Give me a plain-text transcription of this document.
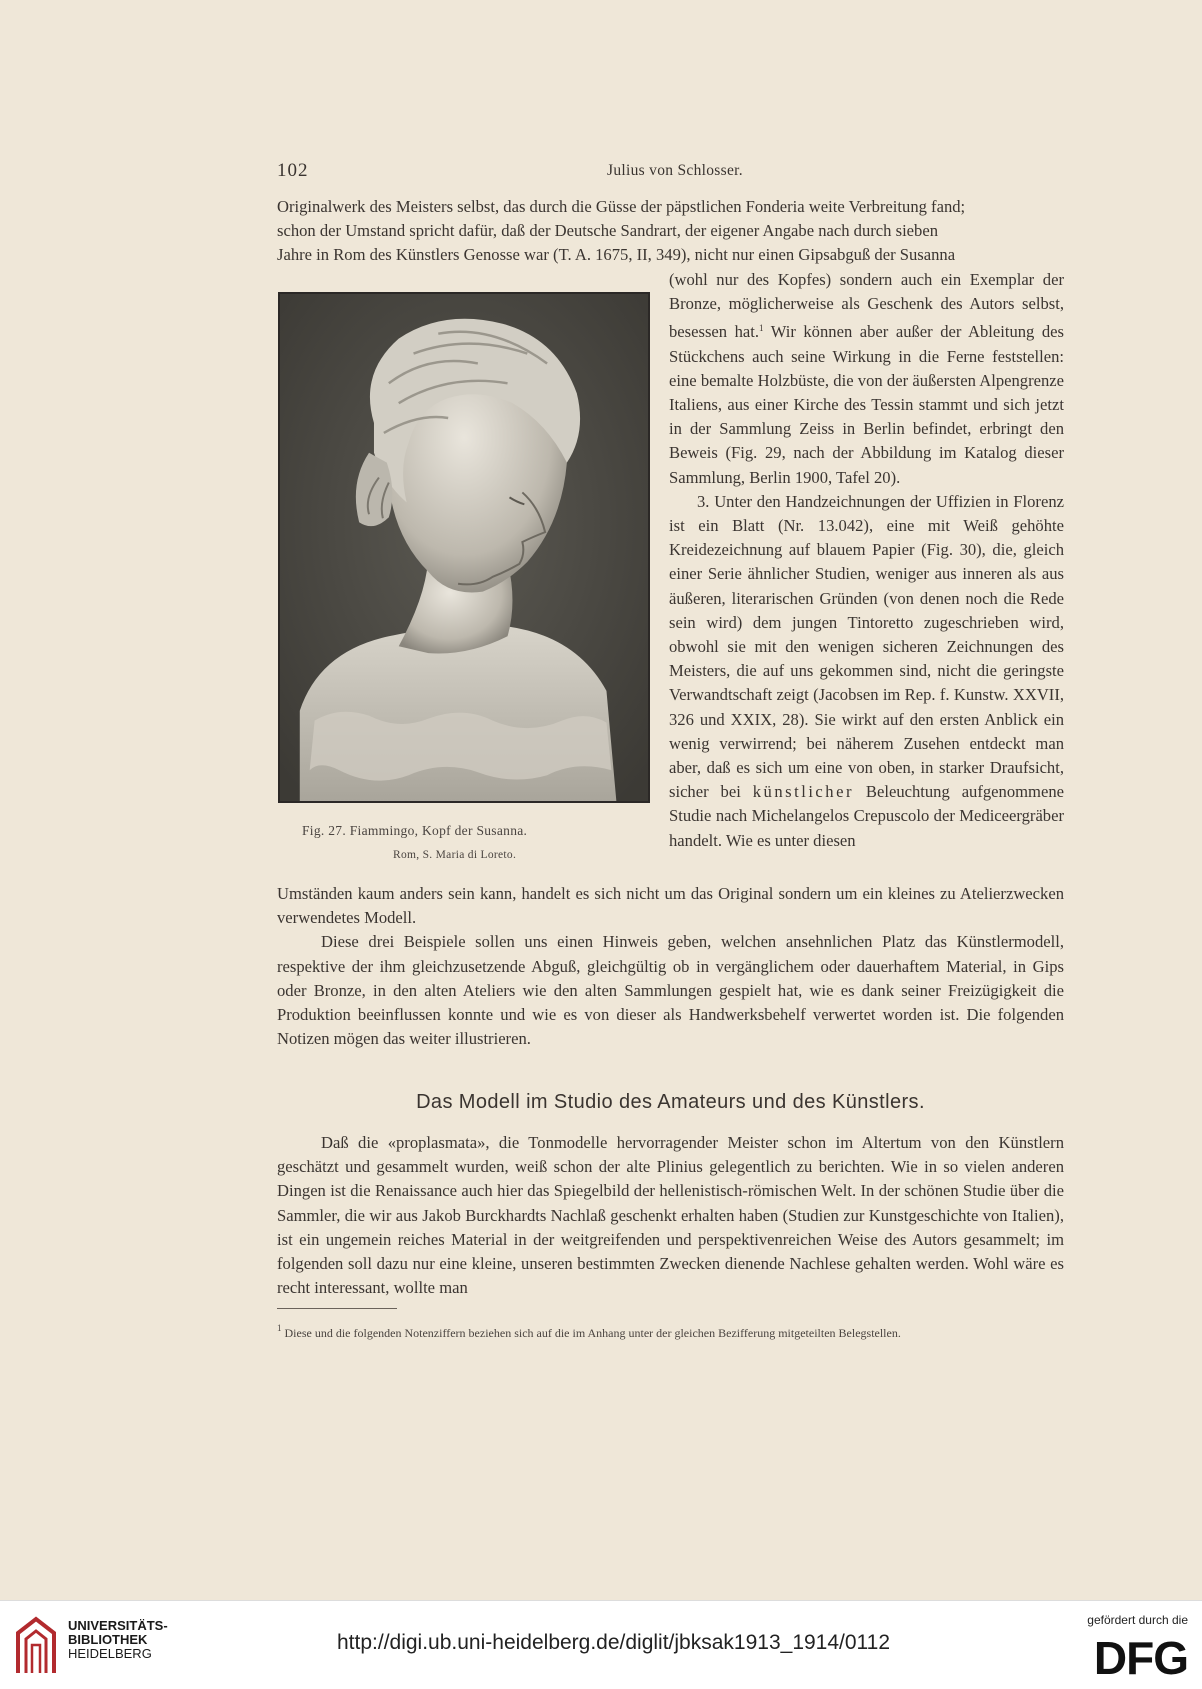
102	Julius von Schlosser.
Originalwerk des Meisters selbst, das durch die Güsse der päpstlichen Fonderia weite Verbreitung fand;
schon der Umstand spricht dafür, daß der Deutsche Sandrart, der eigener Angabe nach durch sieben
Jahre in Rom des Künstlers Genosse war (T. A. 1675, II, 349), nicht nur einen Gipsabguß der Susanna

(wohl nur des Kopfes) sondern auch ein Exemplar der Bronze, möglicherweise als Geschenk des Autors selbst, besessen hat.$^1$ Wir können aber außer der Ableitung des Stückchens auch seine Wirkung in die Ferne feststellen: eine bemalte Holzbüste, die von der äußersten Alpengrenze Italiens, aus einer Kirche des Tessin stammt und sich jetzt in der Sammlung Zeiss in Berlin befindet, erbringt den Beweis (Fig. 29, nach der Abbildung im Katalog dieser Sammlung, Berlin 1900, Tafel 20).

3. Unter den Handzeichnungen der Uffizien in Florenz ist ein Blatt (Nr. 13.042), eine mit Weiß gehöhte Kreidezeichnung auf blauem Papier (Fig. 30), die, gleich einer Serie ähnlicher Studien, weniger aus inneren als aus äußeren, literarischen Gründen (von denen noch die Rede sein wird) dem jungen Tintoretto zugeschrieben wird, obwohl sie mit den wenigen sicheren Zeichnungen des Meisters, die auf uns gekommen sind, nicht die geringste Verwandtschaft zeigt (Jacobsen im Rep. f. Kunstw. XXVII, 326 und XXIX, 28). Sie wirkt auf den ersten Anblick ein wenig verwirrend; bei näherem Zusehen entdeckt man aber, daß es sich um eine von oben, in starker Draufsicht, sicher bei künstlicher Beleuchtung aufgenommene Studie nach Michelangelos Crepuscolo der Mediceergräber handelt. Wie es unter diesen

Fig. 27. Fiammingo, Kopf der Susanna.
Rom, S. Maria di Loreto.

Umständen kaum anders sein kann, handelt es sich nicht um das Original sondern um ein kleines zu Atelierzwecken verwendetes Modell.

Diese drei Beispiele sollen uns einen Hinweis geben, welchen ansehnlichen Platz das Künstlermodell, respektive der ihm gleichzusetzende Abguß, gleichgültig ob in vergänglichem oder dauerhaftem Material, in Gips oder Bronze, in den alten Ateliers wie den alten Sammlungen gespielt hat, wie es dank seiner Freizügigkeit die Produktion beeinflussen konnte und wie es von dieser als Handwerksbehelf verwertet worden ist. Die folgenden Notizen mögen das weiter illustrieren.

Das Modell im Studio des Amateurs und des Künstlers.

Daß die «proplasmata», die Tonmodelle hervorragender Meister schon im Altertum von den Künstlern geschätzt und gesammelt wurden, weiß schon der alte Plinius gelegentlich zu berichten. Wie in so vielen anderen Dingen ist die Renaissance auch hier das Spiegelbild der hellenistisch-römischen Welt. In der schönen Studie über die Sammler, die wir aus Jakob Burckhardts Nachlaß geschenkt erhalten haben (Studien zur Kunstgeschichte von Italien), ist ein ungemein reiches Material in der weitgreifenden und perspektivenreichen Weise des Autors gesammelt; im folgenden soll dazu nur eine kleine, unseren bestimmten Zwecken dienende Nachlese gehalten werden. Wohl wäre es recht interessant, wollte man

$^1$ Diese und die folgenden Notenziffern beziehen sich auf die im Anhang unter der gleichen Bezifferung mitgeteilten Belegstellen.
UNIVERSITÄTS-
BIBLIOTHEK
HEIDELBERG	http://digi.ub.uni-heidelberg.de/diglit/jbksak1913_1914/0112
gefördert durch die
DFG
